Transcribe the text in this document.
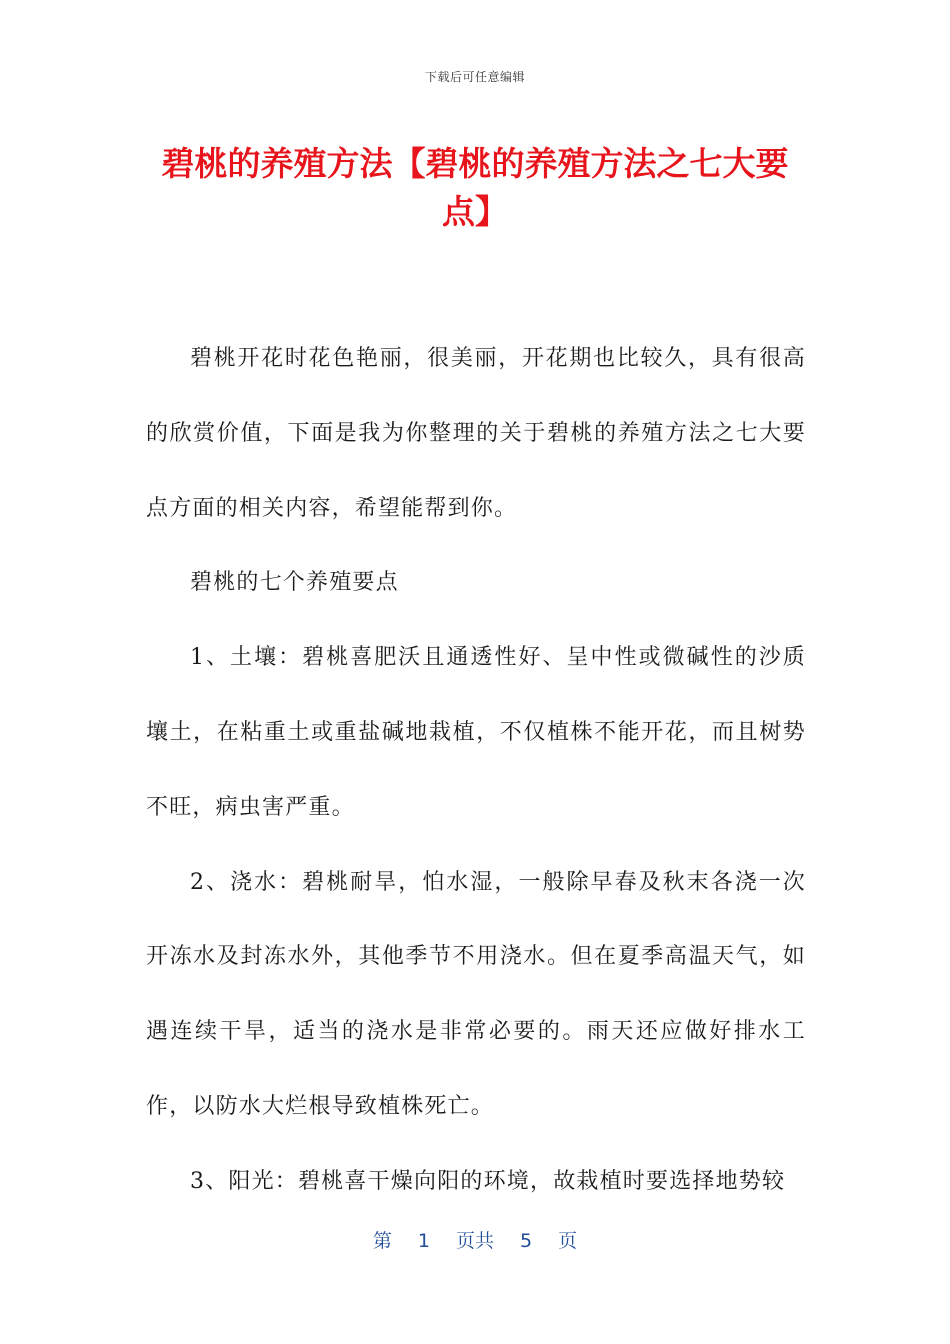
下载后可任意编辑
碧桃的养殖方法【碧桃的养殖方法之七大要点】

碧桃开花时花色艳丽，很美丽，开花期也比较久，具有很高的欣赏价值，下面是我为你整理的关于碧桃的养殖方法之七大要点方面的相关内容，希望能帮到你。

碧桃的七个养殖要点

1、土壤：碧桃喜肥沃且通透性好、呈中性或微碱性的沙质壤土，在粘重土或重盐碱地栽植，不仅植株不能开花，而且树势不旺，病虫害严重。

2、浇水：碧桃耐旱，怕水湿，一般除早春及秋末各浇一次开冻水及封冻水外，其他季节不用浇水。但在夏季高温天气，如遇连续干旱，适当的浇水是非常必要的。雨天还应做好排水工作，以防水大烂根导致植株死亡。

3、阳光：碧桃喜干燥向阳的环境，故栽植时要选择地势较

第 1 页共 5 页
